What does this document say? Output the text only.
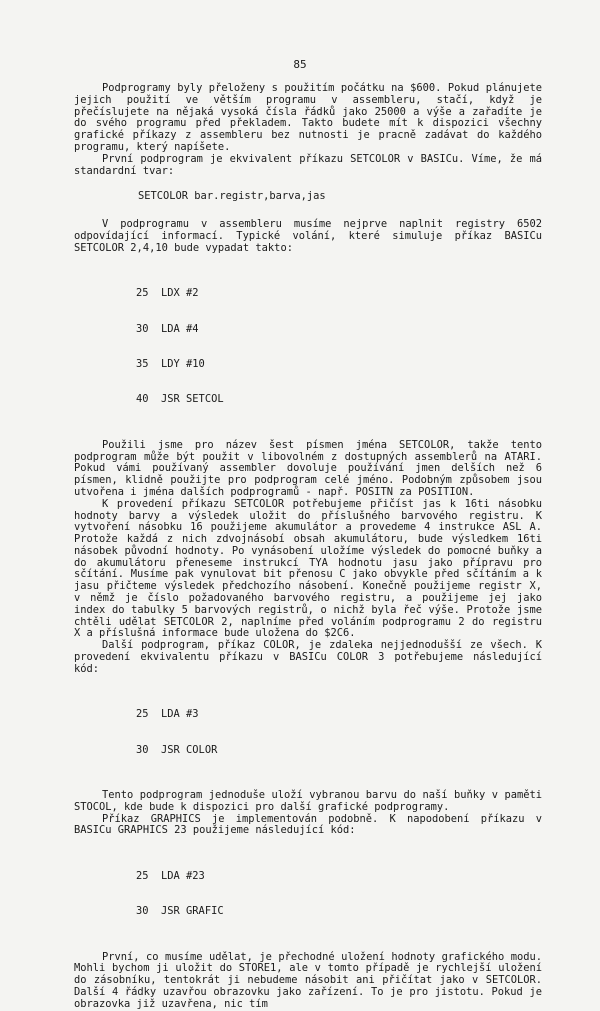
85

Podprogramy byly přeloženy s použitím počátku na $600. Pokud plánujete jejich použití ve větším programu v assembleru, stačí, když je přečíslujete na nějaká vysoká čísla řádků jako 25000 a výše a zařadíte je do svého programu před překladem. Takto budete mít k dispozici všechny grafické příkazy z assembleru bez nutnosti je pracně zadávat do každého programu, který napíšete.

První podprogram je ekvivalent příkazu SETCOLOR v BASICu. Víme, že má standardní tvar:

SETCOLOR bar.registr,barva,jas

V podprogramu v assembleru musíme nejprve naplnit registry 6502 odpovídající informací. Typické volání, které simuluje příkaz BASICu SETCOLOR 2,4,10 bude vypadat takto:

25  LDX #2

30  LDA #4

35  LDY #10

40  JSR SETCOL

Použili jsme pro název šest písmen jména SETCOLOR, takže tento podprogram může být použit v libovolném z dostupných assemblerů na ATARI. Pokud vámi používaný assembler dovoluje používání jmen delších než 6 písmen, klidně použijte pro podprogram celé jméno. Podobným způsobem jsou utvořena i jména dalších podprogramů - např. POSITN za POSITION.

K provedení příkazu SETCOLOR potřebujeme přičíst jas k 16ti násobku hodnoty barvy a výsledek uložit do příslušného barvového registru. K vytvoření násobku 16 použijeme akumulátor a provedeme 4 instrukce ASL A. Protože každá z nich zdvojnásobí obsah akumulátoru, bude výsledkem 16ti násobek původní hodnoty. Po vynásobení uložíme výsledek do pomocné buňky a do akumulátoru přeneseme instrukcí TYA hodnotu jasu jako přípravu pro sčítání. Musíme pak vynulovat bit přenosu C jako obvykle před sčítáním a k jasu přičteme výsledek předchozího násobení. Konečně použijeme registr X, v němž je číslo požadovaného barvového registru, a použijeme jej jako index do tabulky 5 barvových registrů, o nichž byla řeč výše. Protože jsme chtěli udělat SETCOLOR 2, naplníme před voláním podprogramu 2 do registru X a příslušná informace bude uložena do $2C6.

Další podprogram, příkaz COLOR, je zdaleka nejjednodušší ze všech. K provedení ekvivalentu příkazu v BASICu COLOR 3 potřebujeme následující kód:

25  LDA #3

30  JSR COLOR

Tento podprogram jednoduše uloží vybranou barvu do naší buňky v paměti STOCOL, kde bude k dispozici pro další grafické podprogramy.

Příkaz GRAPHICS je implementován podobně. K napodobení příkazu v BASICu GRAPHICS 23 použijeme následující kód:

25  LDA #23

30  JSR GRAFIC

První, co musíme udělat, je přechodné uložení hodnoty grafického modu. Mohli bychom ji uložit do STORE1, ale v tomto případě je rychlejší uložení do zásobníku, tentokrát ji nebudeme násobit ani přičítat jako v SETCOLOR. Další 4 řádky uzavřou obrazovku jako zařízení. To je pro jistotu. Pokud je obrazovka již uzavřena, nic tím
